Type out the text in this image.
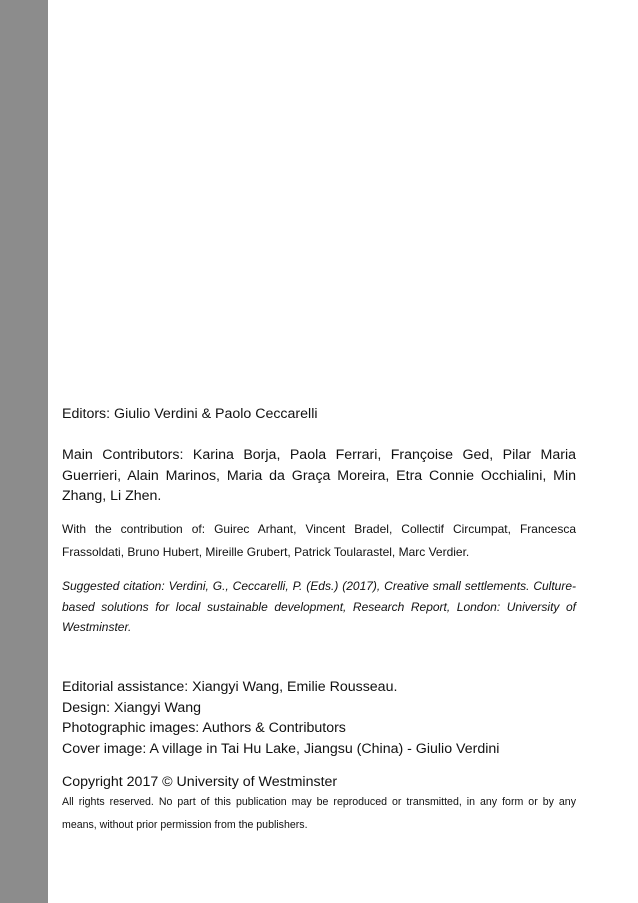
Editors: Giulio Verdini & Paolo Ceccarelli
Main Contributors: Karina Borja, Paola Ferrari, Françoise Ged, Pilar Maria Guerrieri, Alain Marinos, Maria da Graça Moreira, Etra Connie Occhialini, Min Zhang, Li Zhen.
With the contribution of: Guirec Arhant, Vincent Bradel, Collectif Circumpat, Francesca Frassoldati, Bruno Hubert, Mireille Grubert, Patrick Toularastel, Marc Verdier.
Suggested citation: Verdini, G., Ceccarelli, P. (Eds.) (2017), Creative small settlements. Culture-based solutions for local sustainable development, Research Report, London: University of Westminster.
Editorial assistance: Xiangyi Wang, Emilie Rousseau.
Design: Xiangyi Wang
Photographic images: Authors & Contributors
Cover image: A village in Tai Hu Lake, Jiangsu (China) - Giulio Verdini
Copyright 2017 © University of Westminster
All rights reserved. No part of this publication may be reproduced or transmitted, in any form or by any means, without prior permission from the publishers.
